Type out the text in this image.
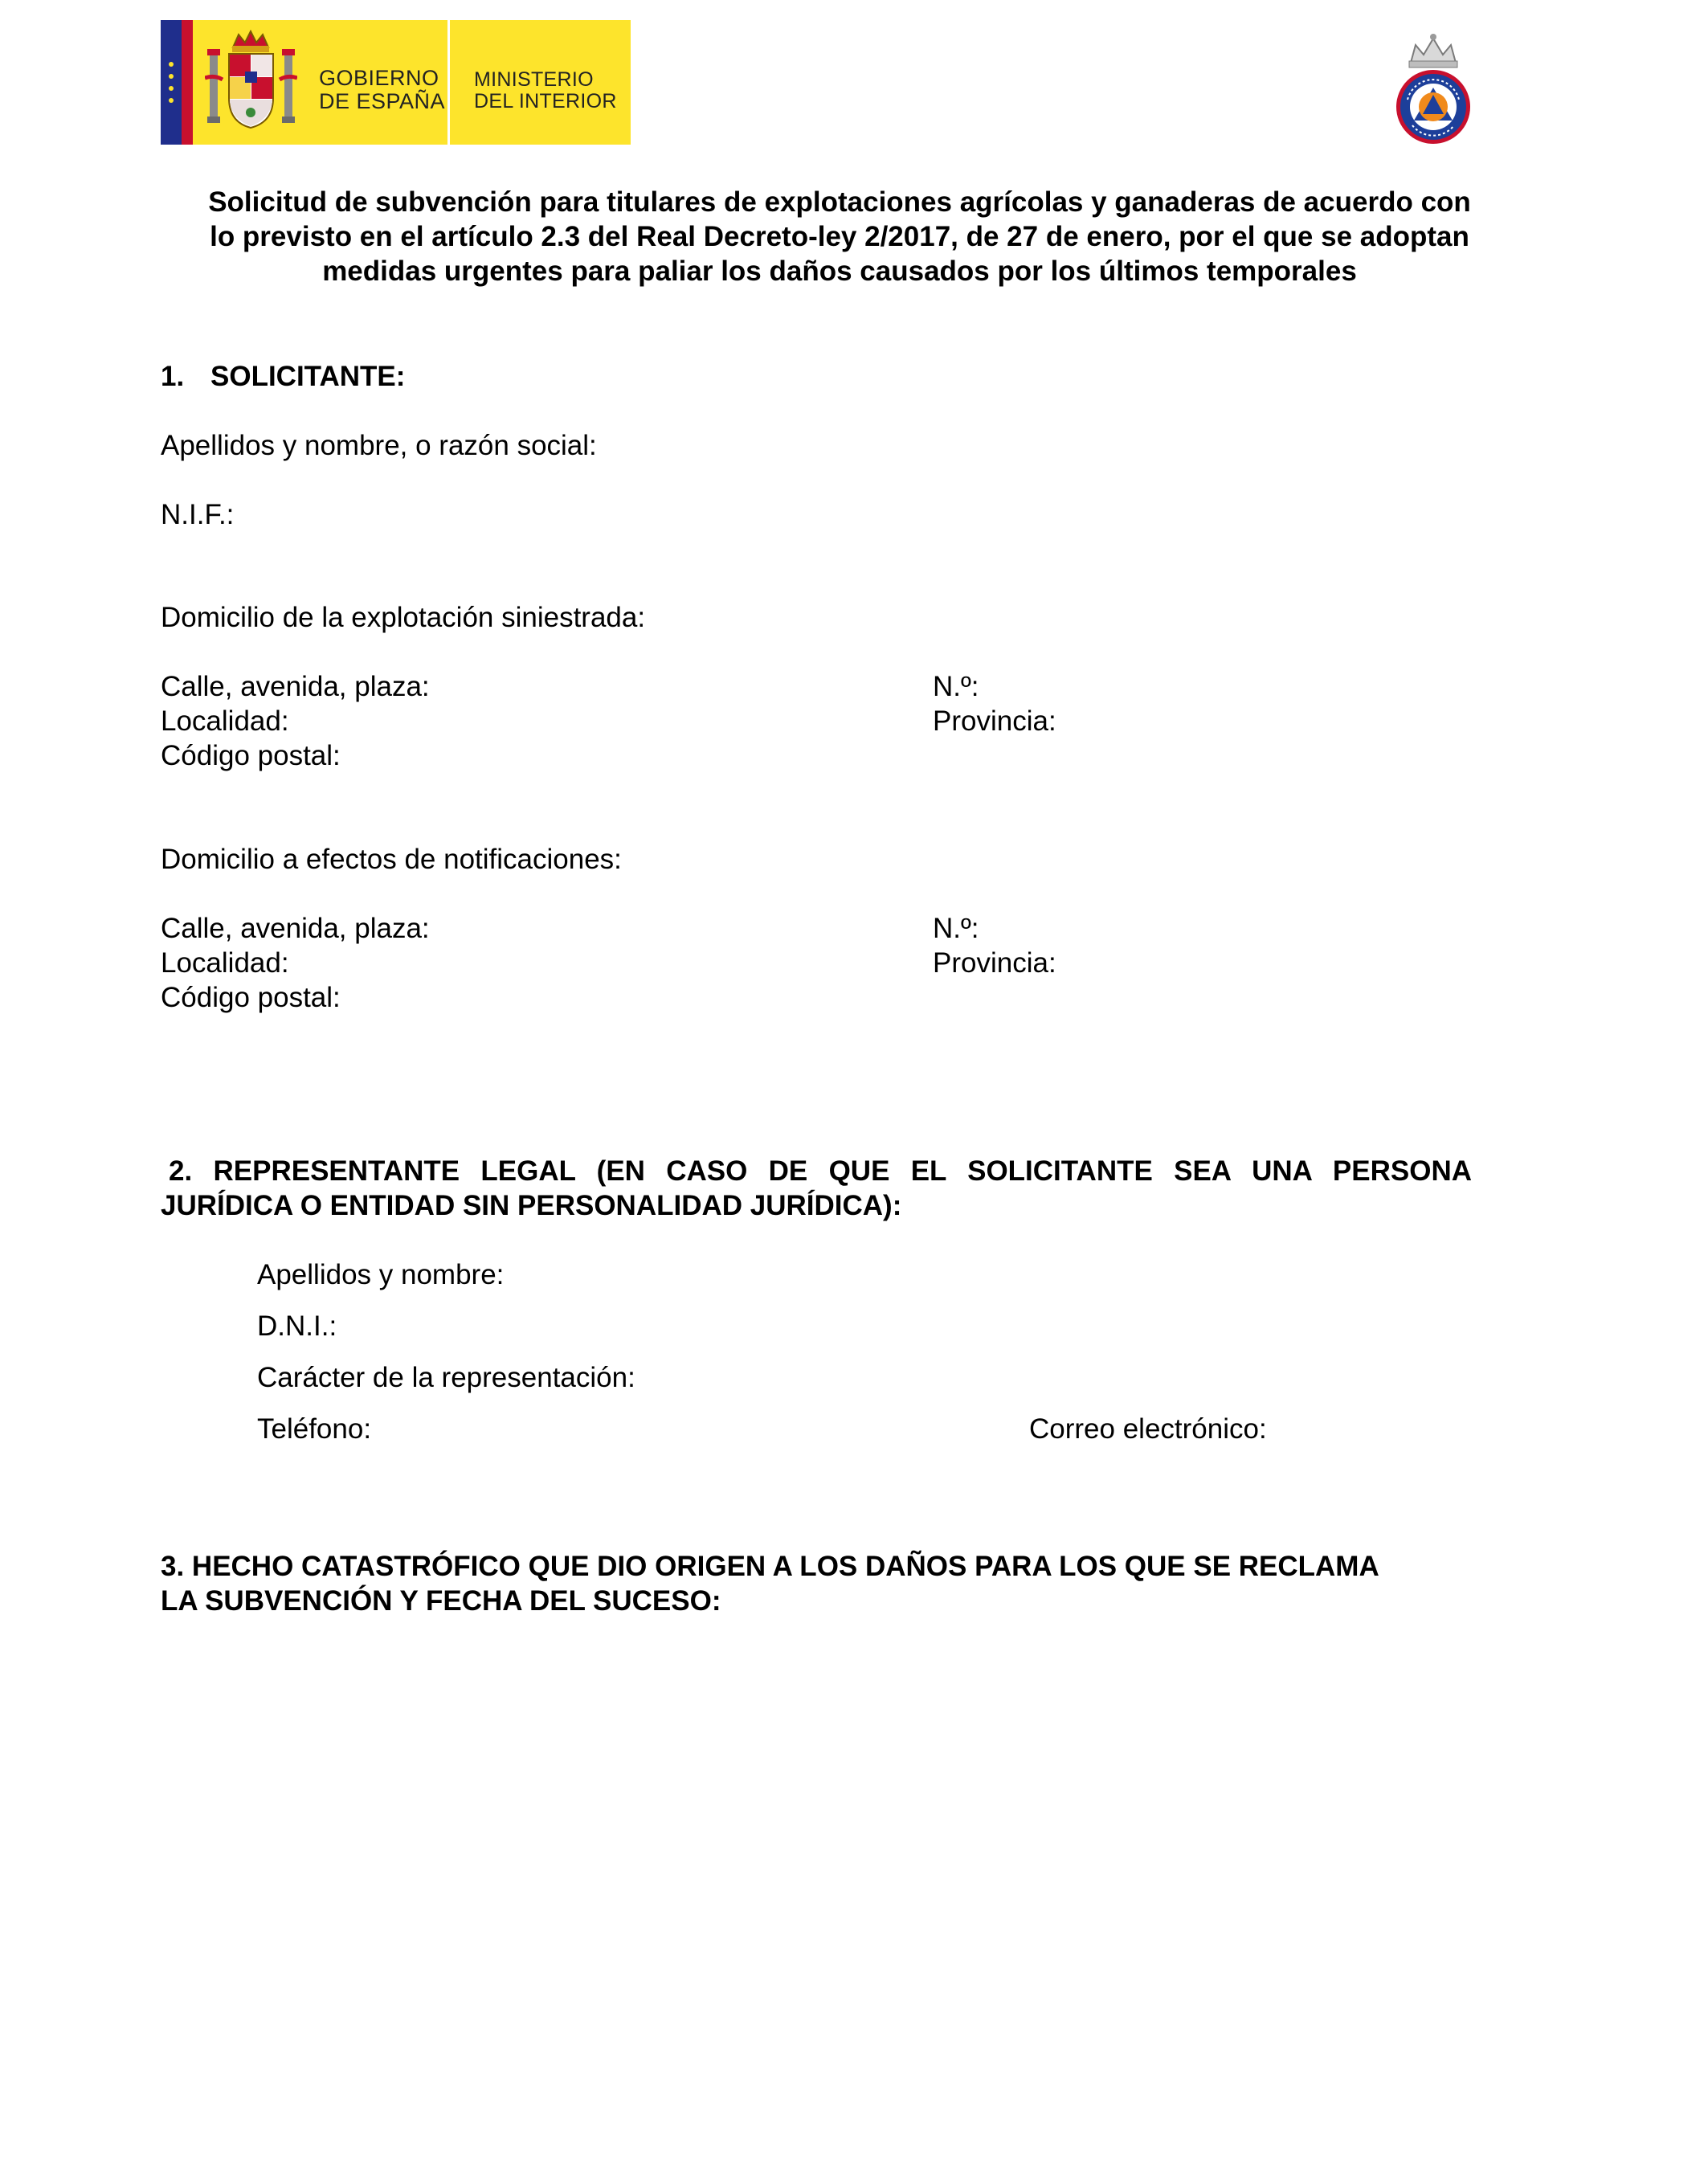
GOBIERNO
DE ESPAÑA
MINISTERIO
DEL INTERIOR
Solicitud de subvención para titulares de explotaciones agrícolas y ganaderas de acuerdo con
lo previsto en el artículo 2.3 del Real Decreto-ley 2/2017, de 27 de enero, por el que se adoptan
medidas urgentes para paliar los daños causados por los últimos temporales
1. SOLICITANTE:
Apellidos y nombre, o razón social:
N.I.F.:
Domicilio de la explotación siniestrada:
Calle, avenida, plaza:	N.º:
Localidad:	Provincia:
Código postal:
Domicilio a efectos de notificaciones:
Calle, avenida, plaza:	N.º:
Localidad:	Provincia:
Código postal:
2. REPRESENTANTE LEGAL (EN CASO DE QUE EL SOLICITANTE SEA UNA PERSONA
JURÍDICA O ENTIDAD SIN PERSONALIDAD JURÍDICA):
Apellidos y nombre:
D.N.I.:
Carácter de la representación:
Teléfono:	Correo electrónico:
3. HECHO CATASTRÓFICO QUE DIO ORIGEN A LOS DAÑOS PARA LOS QUE SE RECLAMA
LA SUBVENCIÓN Y FECHA DEL SUCESO:
